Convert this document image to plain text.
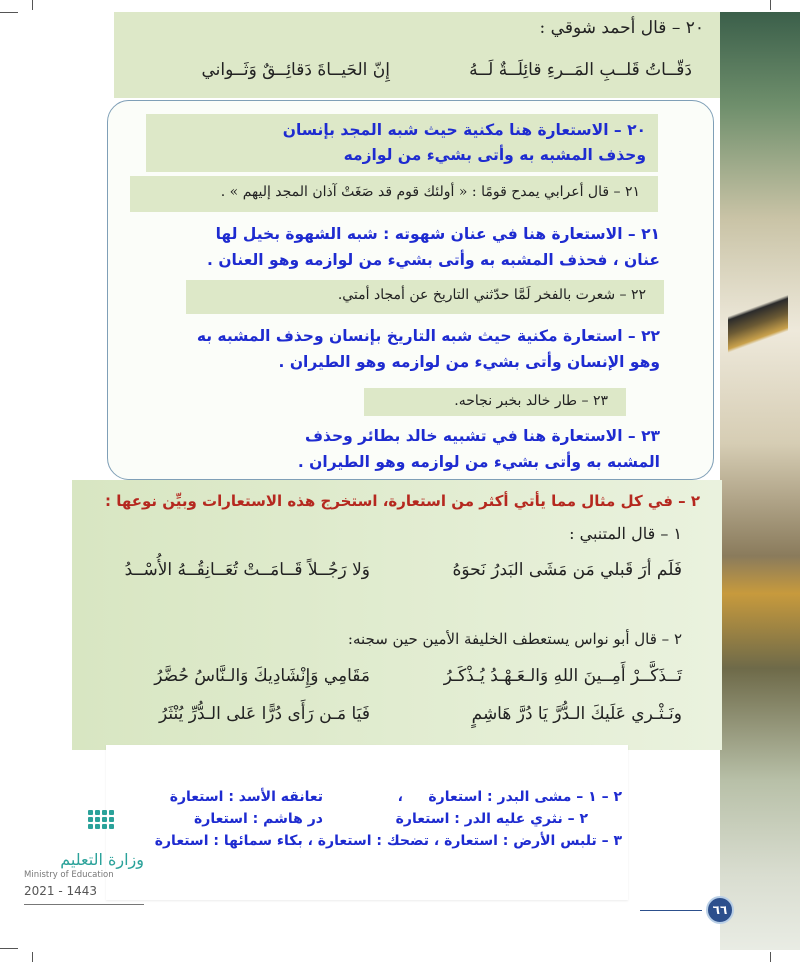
٢٠ – قال أحمد شوقي :
دَقّــاتُ قَلــبِ المَــرءِ قائِلَــةٌ لَــهُ
إِنّ الحَيــاةَ دَقائِــقٌ وَثَــواني
٢٠ – الاستعارة هنا مكنية حيث شبه المجد بإنسان
وحذف المشبه به وأتى بشيء من لوازمه
٢١ – قال أعرابي يمدح قومًا : « أولئك قوم قد صَغَتْ آذان المجد إليهم » .
٢١ – الاستعارة هنا في عنان شهوته : شبه الشهوة بخيل لها
عنان ، فحذف المشبه به وأتى بشيء من لوازمه وهو العنان .
٢٢ – شعرت بالفخر لَمَّا حدّثني التاريخ عن أمجاد أمتي.
٢٢ – استعارة مكنية حيث شبه التاريخ بإنسان وحذف المشبه به
وهو الإنسان وأتى بشيء من لوازمه وهو الطيران .
٢٣ – طار خالد بخبر نجاحه.
٢٣ – الاستعارة هنا في تشبيه خالد بطائر وحذف
المشبه به وأتى بشيء من لوازمه وهو الطيران .
٢ – في كل مثال مما يأتي أكثر من استعارة، استخرج هذه الاستعارات وبيِّن نوعها :
١ – قال المتنبي :
فَلَم أرَ قَبلي مَن مَشَى البَدرُ نَحوَهُ
وَلا رَجُــلاً قَــامَــتْ تُعَــانِقُــهُ الأُسْــدُ
٢ – قال أبو نواس يستعطف الخليفة الأمين حين سجنه:
تَــذَكَّــرْ أَمِــينَ اللهِ وَالـعَـهْـدُ يُـذْكَـرُ
مَقَامِي وَإِنْشَادِيكَ وَالـنَّاسُ حُضَّرُ
ونَـثْـري عَلَيكَ الـدُّرَّ يَا دُرَّ هَاشِمٍ
فَيَا مَـن رَأَى دُرًّا عَلى الـدُّرِّ يُنْثَرُ
٢ – ١ – مشى البدر : استعارة
،
تعانقه الأسد : استعارة
٢ – نثري عليه الدر : استعارة
در هاشم : استعارة
٣ – تلبس الأرض : استعارة ، تضحك : استعارة ، بكاء سمائها : استعارة
وزارة التعليم
Ministry of Education
2021 - 1443
٦٦
